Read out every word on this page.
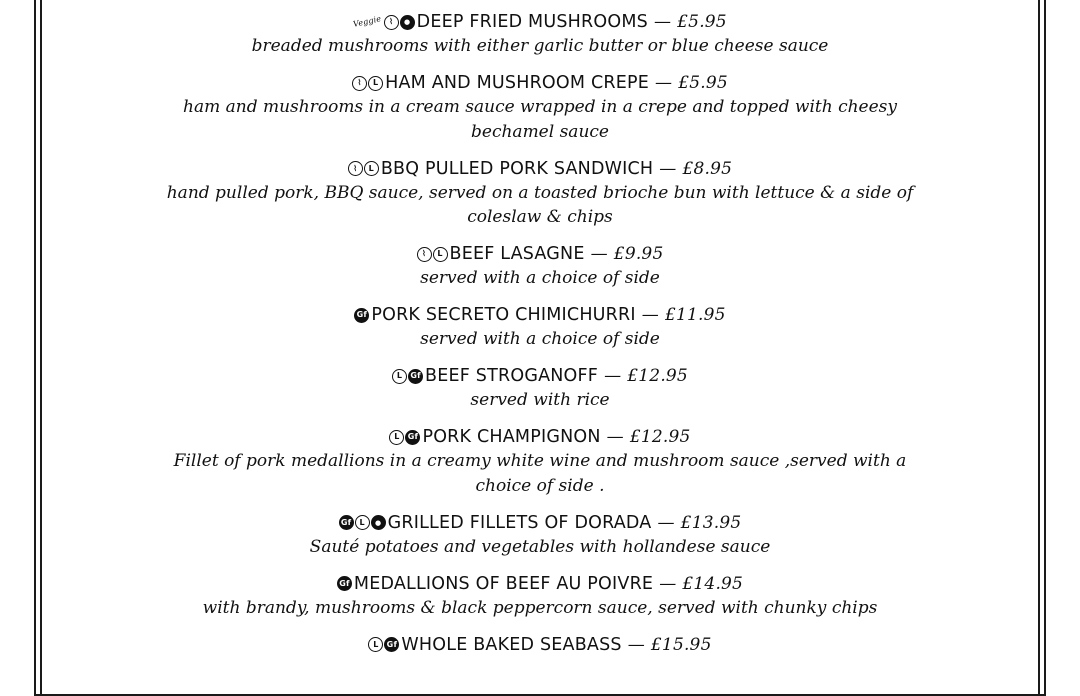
Veggie ⌇	● DEEP FRIED MUSHROOMS — £5.95
breaded mushrooms with either garlic butter or blue cheese sauce
⌇	L HAM AND MUSHROOM CREPE — £5.95
ham and mushrooms in a cream sauce wrapped in a crepe and topped with cheesy bechamel sauce
⌇	L BBQ PULLED PORK SANDWICH — £8.95
hand pulled pork, BBQ sauce, served on a toasted brioche bun with lettuce & a side of coleslaw & chips
⌇	L BEEF LASAGNE — £9.95
served with a choice of side
Gf PORK SECRETO CHIMICHURRI — £11.95
served with a choice of side
L	Gf BEEF STROGANOFF — £12.95
served with rice
L	Gf PORK CHAMPIGNON — £12.95
Fillet of pork medallions in a creamy white wine and mushroom sauce ,served with a choice of side .
Gf	L	● GRILLED FILLETS OF DORADA — £13.95
Sauté potatoes and vegetables with hollandese sauce
Gf MEDALLIONS OF BEEF AU POIVRE — £14.95
with brandy, mushrooms & black peppercorn sauce, served with chunky chips
L	Gf WHOLE BAKED SEABASS — £15.95
